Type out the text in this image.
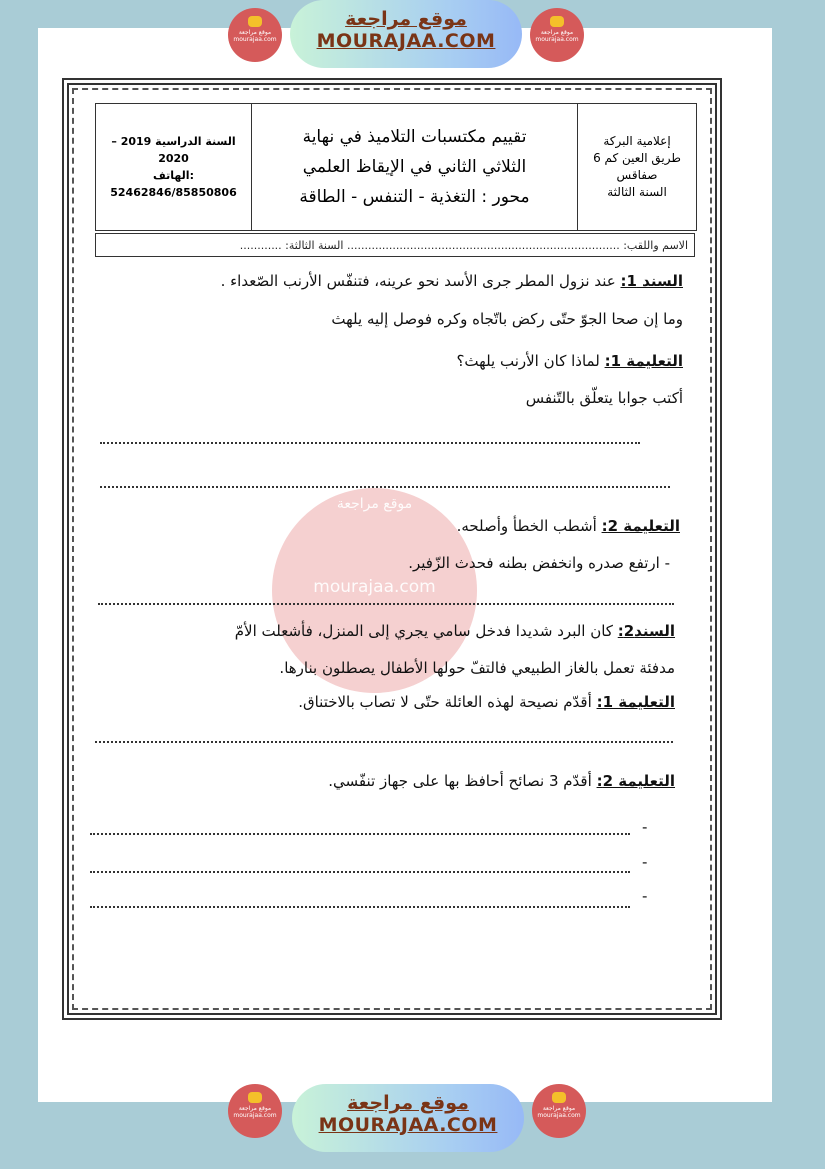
موقع مراجعة mourajaa.com
موقع مراجعة
MOURAJAA.COM	موقع مراجعة mourajaa.com
موقع مراجعة
mourajaa.com
السنة الدراسية 2019 – 2020
الهاتف:
52462846/85850806
تقييم مكتسبات التلاميذ في نهاية
الثلاثي الثاني في الإيقاظ العلمي
محور : التغذية - التنفس - الطاقة
إعلامية البركة
طريق العين كم 6
صفاقس
السنة الثالثة
الاسم واللقب: .............................................................................. السنة الثالثة: ............
السند 1: عند نزول المطر جرى الأسد نحو عرينه، فتنفّس الأرنب الصّعداء .
وما إن صحا الجوّ حتّى ركض باتّجاه وكره فوصل إليه يلهث
التعليمة 1: لماذا كان الأرنب يلهث؟
أكتب جوابا يتعلّق بالتّنفس
التعليمة 2: أشطب الخطأ وأصلحه.
- ارتفع صدره وانخفض بطنه فحدث الزّفير.
السند2: كان البرد شديدا فدخل سامي يجري إلى المنزل، فأشعلت الأمّ
مدفئة تعمل بالغاز الطبيعي فالتفّ حولها الأطفال يصطلون بنارها.
التعليمة 1: أقدّم نصيحة لهذه العائلة حتّى لا تصاب بالاختناق.
التعليمة 2: أقدّم 3 نصائح أحافظ بها على جهاز تنفّسي.
-
-
-
موقع مراجعة mourajaa.com
موقع مراجعة
MOURAJAA.COM
موقع مراجعة mourajaa.com
